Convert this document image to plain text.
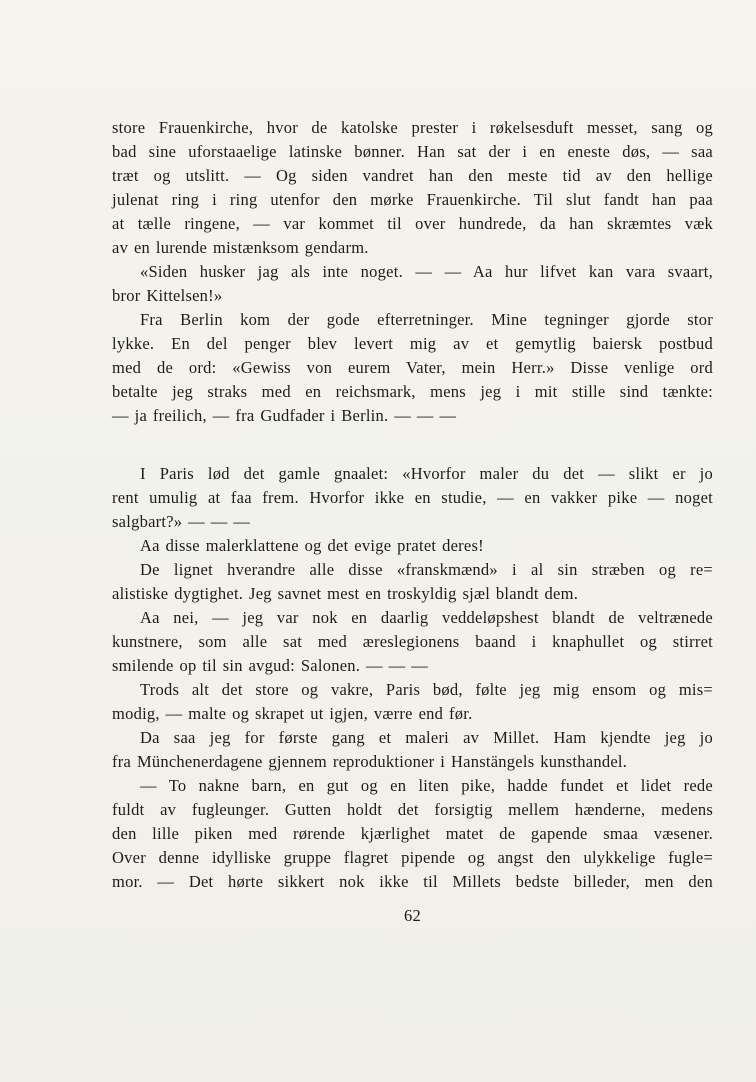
store Frauenkirche, hvor de katolske prester i røkelsesduft messet, sang og
bad sine uforstaaelige latinske bønner. Han sat der i en eneste døs, — saa
træt og utslitt. — Og siden vandret han den meste tid av den hellige
julenat ring i ring utenfor den mørke Frauenkirche. Til slut fandt han paa
at tælle ringene, — var kommet til over hundrede, da han skræmtes væk
av en lurende mistænksom gendarm.

«Siden husker jag als inte noget. — — Aa hur lifvet kan vara svaart,
bror Kittelsen!»

Fra Berlin kom der gode efterretninger. Mine tegninger gjorde stor
lykke. En del penger blev levert mig av et gemytlig baiersk postbud
med de ord: «Gewiss von eurem Vater, mein Herr.» Disse venlige ord
betalte jeg straks med en reichsmark, mens jeg i mit stille sind tænkte:
— ja freilich, — fra Gudfader i Berlin. — — —

I Paris lød det gamle gnaalet: «Hvorfor maler du det — slikt er jo
rent umulig at faa frem. Hvorfor ikke en studie, — en vakker pike — noget
salgbart?» — — —

Aa disse malerklattene og det evige pratet deres!

De lignet hverandre alle disse «franskmænd» i al sin stræben og re=
alistiske dygtighet. Jeg savnet mest en troskyldig sjæl blandt dem.

Aa nei, — jeg var nok en daarlig veddeløpshest blandt de veltrænede
kunstnere, som alle sat med æreslegionens baand i knaphullet og stirret
smilende op til sin avgud: Salonen. — — —

Trods alt det store og vakre, Paris bød, følte jeg mig ensom og mis=
modig, — malte og skrapet ut igjen, værre end før.

Da saa jeg for første gang et maleri av Millet. Ham kjendte jeg jo
fra Münchenerdagene gjennem reproduktioner i Hanstängels kunsthandel.

— To nakne barn, en gut og en liten pike, hadde fundet et lidet rede
fuldt av fugleunger. Gutten holdt det forsigtig mellem hænderne, medens
den lille piken med rørende kjærlighet matet de gapende smaa væsener.
Over denne idylliske gruppe flagret pipende og angst den ulykkelige fugle=
mor. — Det hørte sikkert nok ikke til Millets bedste billeder, men den

62
